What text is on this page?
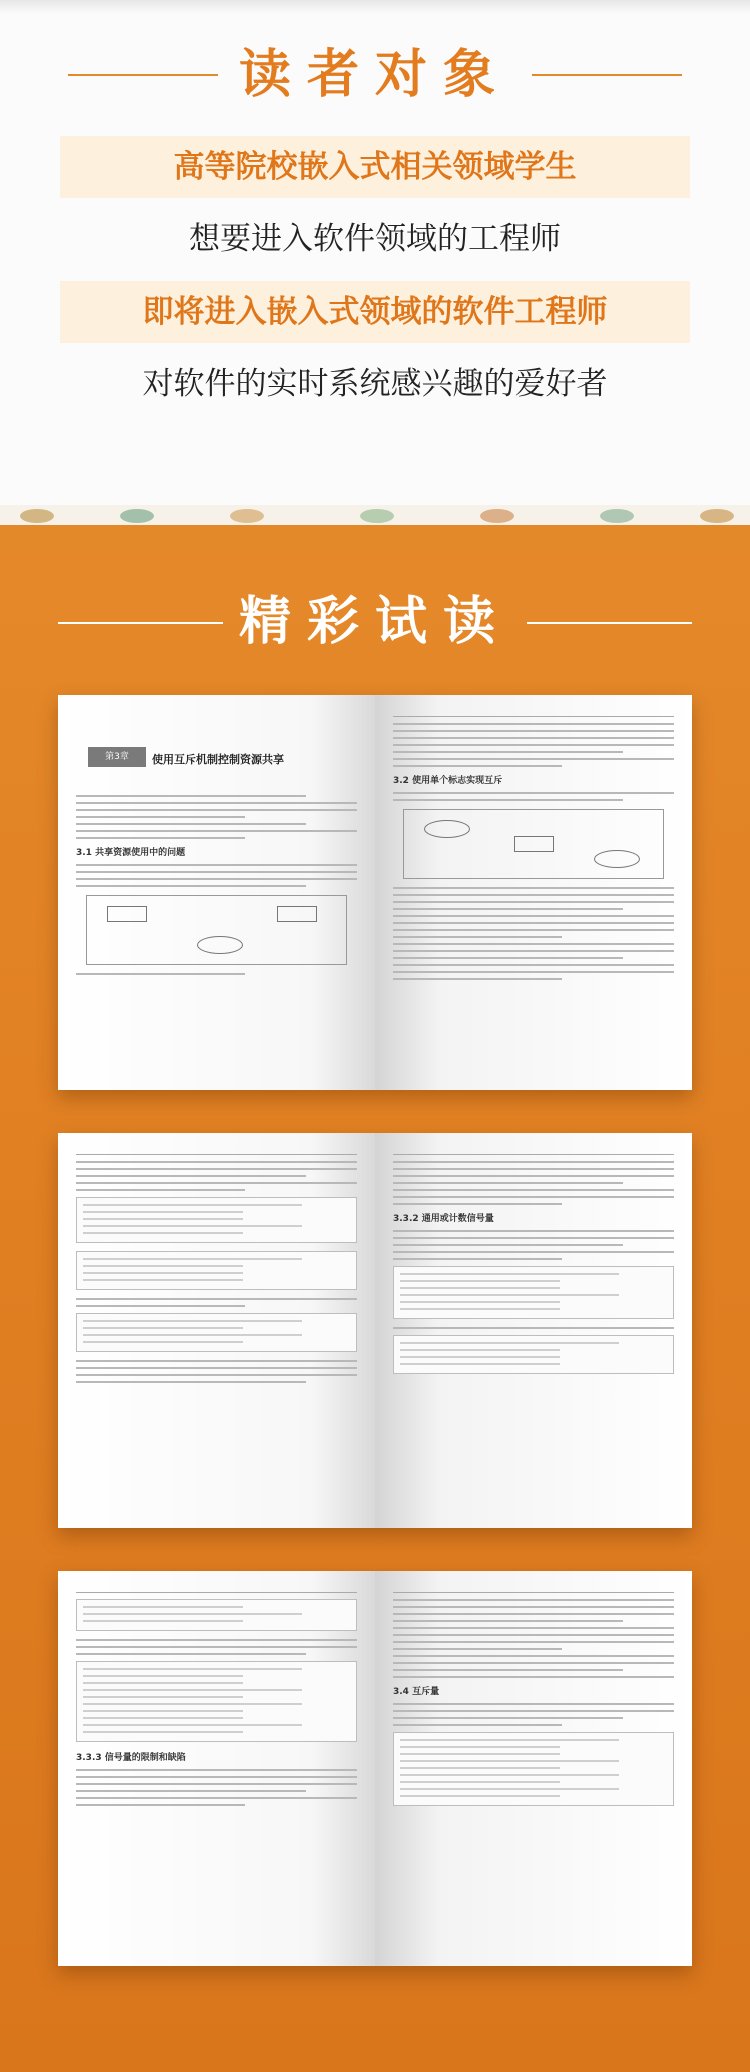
读者对象
高等院校嵌入式相关领域学生
想要进入软件领域的工程师
即将进入嵌入式领域的软件工程师
对软件的实时系统感兴趣的爱好者
精彩试读
第3章	使用互斥机制控制资源共享
3.1 共享资源使用中的问题
3.2 使用单个标志实现互斥
3.3.2 通用或计数信号量
3.3.3 信号量的限制和缺陷
3.4 互斥量
